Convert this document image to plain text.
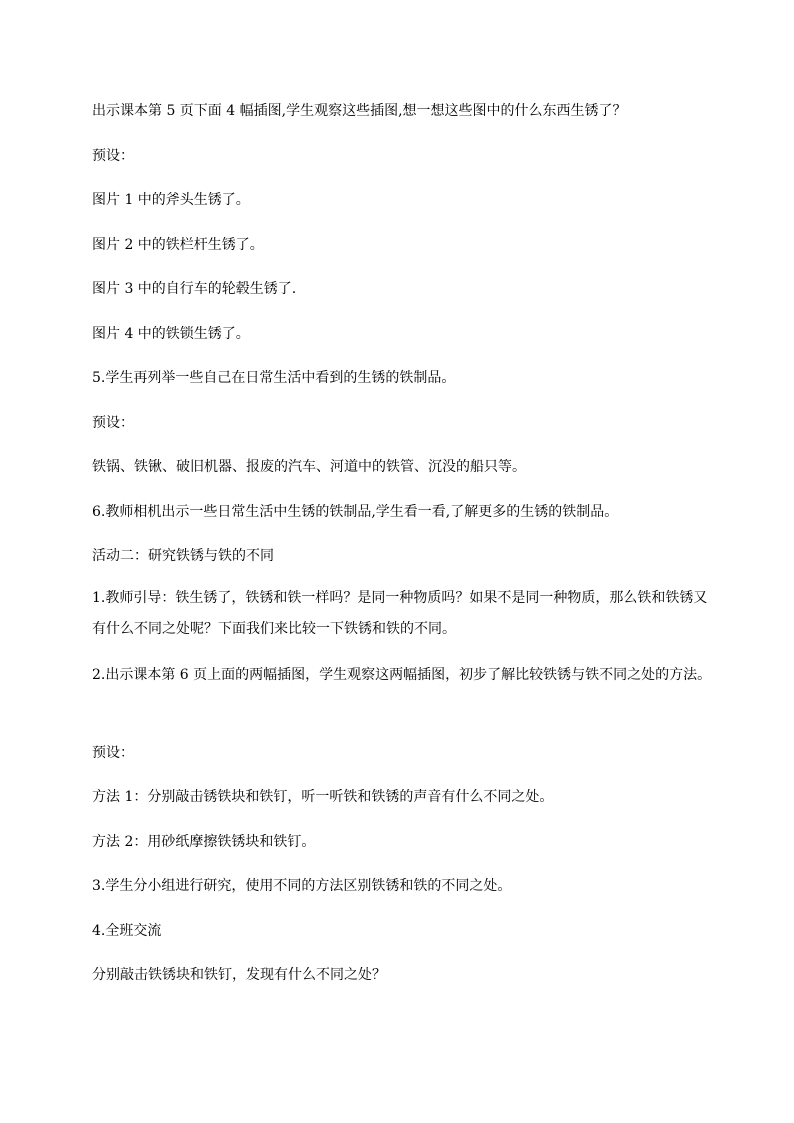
出示课本第 5 页下面 4 幅插图,学生观察这些插图,想一想这些图中的什么东西生锈了？

预设：

图片 1 中的斧头生锈了。

图片 2 中的铁栏杆生锈了。

图片 3 中的自行车的轮毂生锈了.

图片 4 中的铁锁生锈了。

5.学生再列举一些自己在日常生活中看到的生锈的铁制品。

预设：

铁锅、铁锹、破旧机器、报废的汽车、河道中的铁管、沉没的船只等。

6.教师相机出示一些日常生活中生锈的铁制品,学生看一看,了解更多的生锈的铁制品。

活动二：研究铁锈与铁的不同

1.教师引导：铁生锈了，铁锈和铁一样吗？是同一种物质吗？如果不是同一种物质，那么铁和铁锈又有什么不同之处呢？下面我们来比较一下铁锈和铁的不同。

2.出示课本第 6 页上面的两幅插图，学生观察这两幅插图，初步了解比较铁锈与铁不同之处的方法。

预设：

方法 1：分别敲击锈铁块和铁钉，听一听铁和铁锈的声音有什么不同之处。

方法 2：用砂纸摩擦铁锈块和铁钉。

3.学生分小组进行研究，使用不同的方法区别铁锈和铁的不同之处。

4.全班交流

分别敲击铁锈块和铁钉，发现有什么不同之处？
